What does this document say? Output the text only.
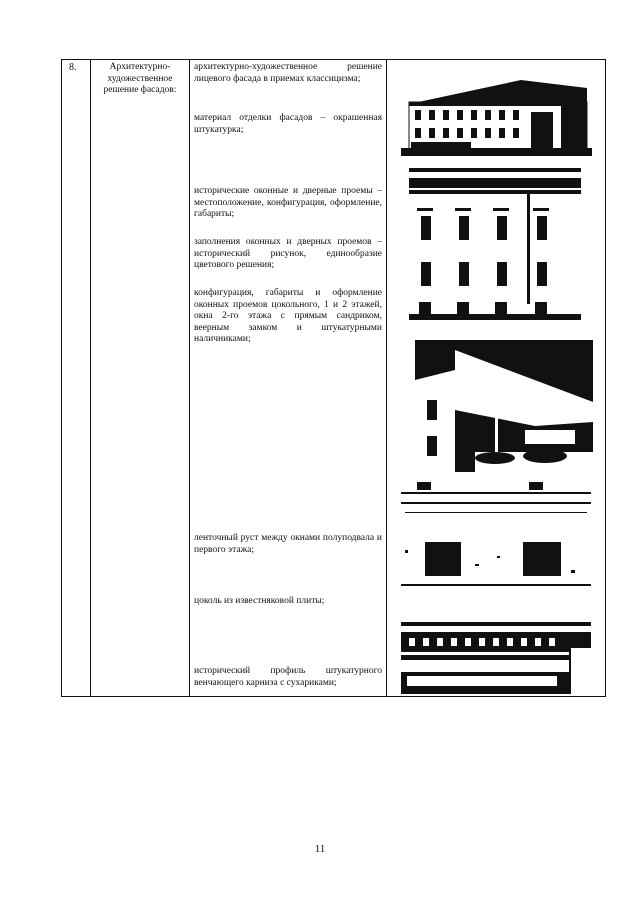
8.	Архитектурно-художественное решение фасадов:

архитектурно-художественное решение лицевого фасада в приемах классицизма;
материал отделки фасадов – окрашенная штукатурка;
исторические оконные и дверные проемы – местоположение, конфигурация, оформление, габариты;
заполнения оконных и дверных проемов – исторический рисунок, единообразие цветового решения;
конфигурация, габариты и оформление оконных проемов цокольного, 1 и 2 этажей, окна 2-го этажа с прямым сандриком, веерным замком и штукатурными наличниками;
ленточный руст между окнами полуподвала и первого этажа;
цоколь из известняковой плиты;
исторический профиль штукатурного венчающего карниза с сухариками;

11
